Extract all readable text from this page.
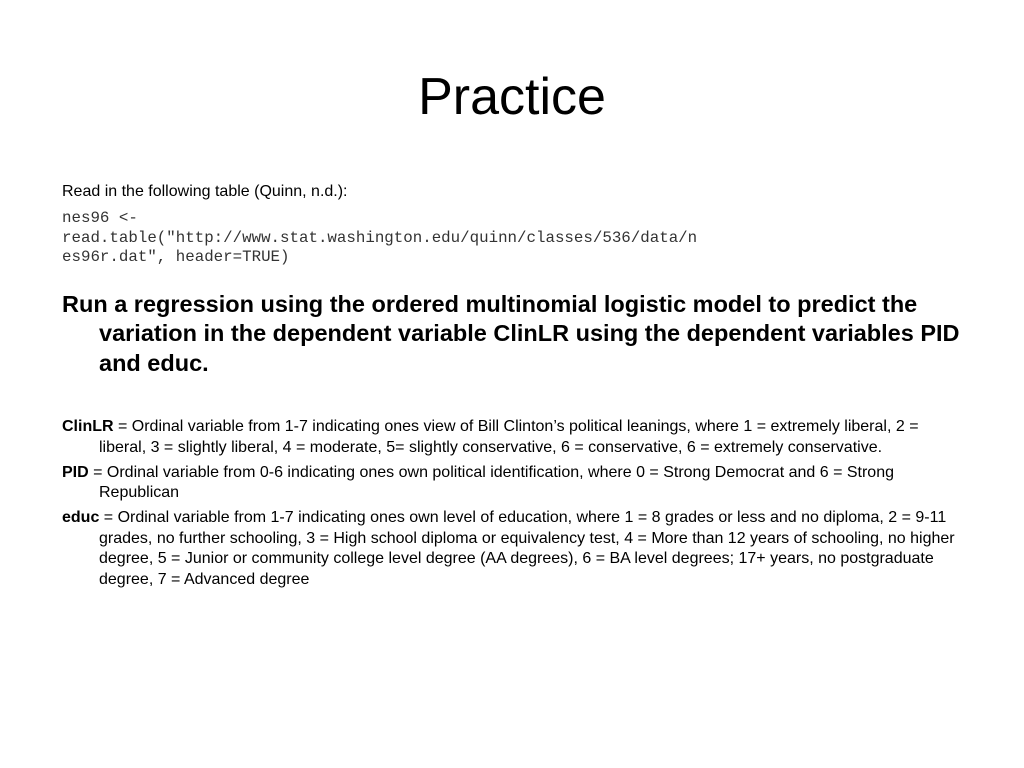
Practice

Read in the following table (Quinn, n.d.):

nes96 <-
read.table("http://www.stat.washington.edu/quinn/classes/536/data/n
es96r.dat", header=TRUE)

Run a regression using the ordered multinomial logistic model to predict the variation in the dependent variable ClinLR using the dependent variables PID and educ.

ClinLR = Ordinal variable from 1-7 indicating ones view of Bill Clinton’s political leanings, where 1 = extremely liberal, 2 = liberal, 3 = slightly liberal, 4 = moderate, 5= slightly conservative, 6 = conservative, 6 = extremely conservative.

PID = Ordinal variable from 0-6 indicating ones own political identification, where 0 = Strong Democrat and 6 = Strong Republican

educ = Ordinal variable from 1-7 indicating ones own level of education, where 1 = 8 grades or less and no diploma, 2 = 9-11 grades, no further schooling, 3 = High school diploma or equivalency test, 4 = More than 12 years of schooling, no higher degree, 5 = Junior or community college level degree (AA degrees), 6 = BA level degrees; 17+ years, no postgraduate degree, 7 = Advanced degree
